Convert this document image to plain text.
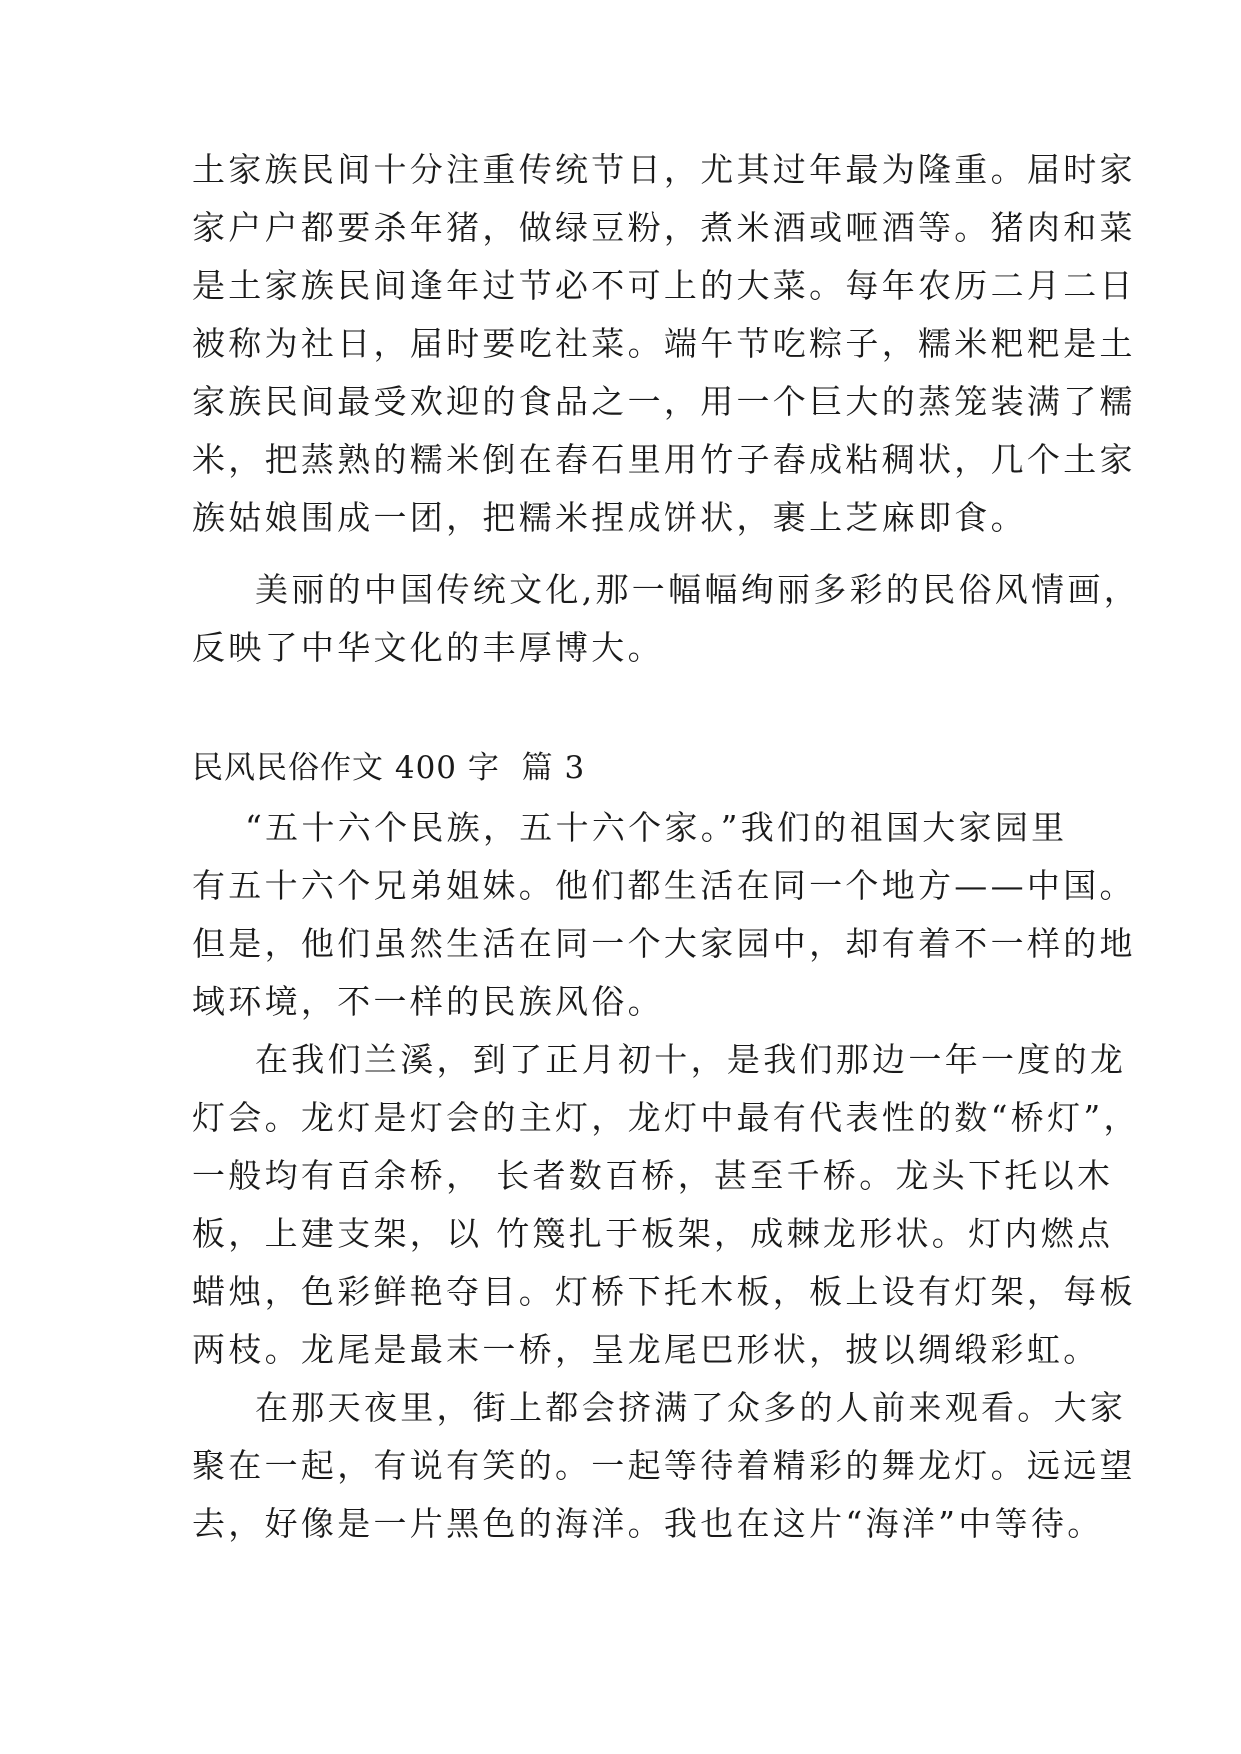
土家族民间十分注重传统节日，尤其过年最为隆重。届时家

家户户都要杀年猪，做绿豆粉，煮米酒或咂酒等。猪肉和菜

是土家族民间逢年过节必不可上的大菜。每年农历二月二日

被称为社日，届时要吃社菜。端午节吃粽子，糯米粑粑是土

家族民间最受欢迎的食品之一，用一个巨大的蒸笼装满了糯

米，把蒸熟的糯米倒在舂石里用竹子舂成粘稠状，几个土家

族姑娘围成一团，把糯米捏成饼状，裹上芝麻即食。

美丽的中国传统文化,那一幅幅绚丽多彩的民俗风情画，

反映了中华文化的丰厚博大。

民风民俗作文 400 字  篇 3

“五十六个民族，五十六个家。”我们的祖国大家园里

有五十六个兄弟姐妹。他们都生活在同一个地方——中国。

但是，他们虽然生活在同一个大家园中，却有着不一样的地

域环境，不一样的民族风俗。

在我们兰溪，到了正月初十，是我们那边一年一度的龙

灯会。龙灯是灯会的主灯，龙灯中最有代表性的数“桥灯”，

一般均有百余桥， 长者数百桥，甚至千桥。龙头下托以木

板，上建支架，以 竹篾扎于板架，成棘龙形状。灯内燃点

蜡烛，色彩鲜艳夺目。灯桥下托木板，板上设有灯架，每板

两枝。龙尾是最末一桥，呈龙尾巴形状，披以绸缎彩虹。

在那天夜里，街上都会挤满了众多的人前来观看。大家

聚在一起，有说有笑的。一起等待着精彩的舞龙灯。远远望

去，好像是一片黑色的海洋。我也在这片“海洋”中等待。
